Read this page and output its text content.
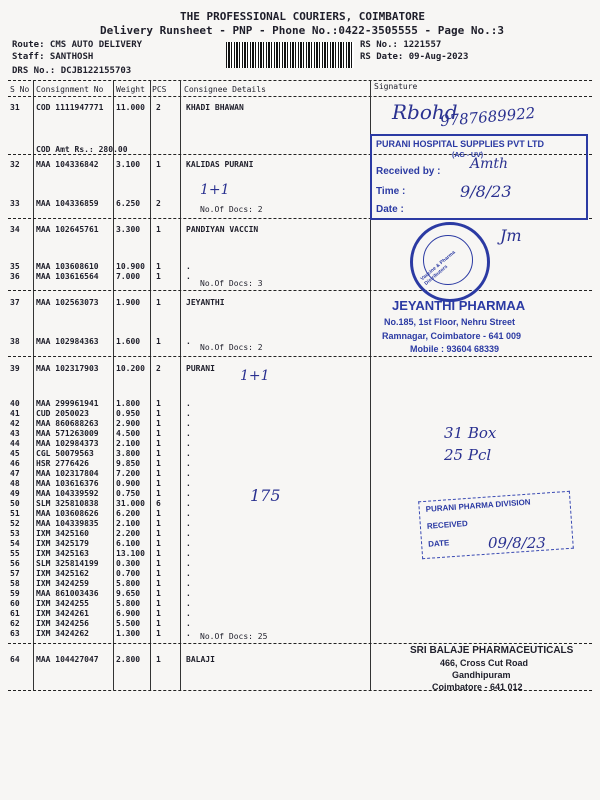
THE PROFESSIONAL COURIERS, COIMBATORE
Delivery Runsheet - PNP - Phone No.:0422-3505555 - Page No.:3
Route: CMS AUTO DELIVERY
Staff: SANTHOSH
DRS No.: DCJB122155703
RS No.: 1221557
RS Date: 09-Aug-2023
S No Consignment No Weight PCS Consignee Details	Signature
31 COD 1111947771 11.000 2	KHADI BHAWAN
COD Amt Rs.: 280.00
32 MAA 104336842 3.100 1	KALIDAS PURANI
33 MAA 104336859 6.250 2
34 MAA 102645761 3.300 1	PANDIYAN VACCIN
35 MAA 103608610 10.900 1	.
36 MAA 103616564 7.000 1	.
37 MAA 102563073 1.900 1	JEYANTHI
38 MAA 102984363 1.600 1	.
39 MAA 102317903 10.200 2	PURANI
40 MAA 299961941 1.800 1	.
41 CUD 2050023	0.950 1	.
42 MAA 860688263 2.900 1	.
43 MAA 571263009 4.500 1	.
44 MAA 102984373 2.100 1	.
45 CGL 50079563	3.800 1	.
46 HSR 2776426	9.850 1	.
47 MAA 102317804 7.200 1	.
48 MAA 103616376 0.900 1	.
49 MAA 104339592 0.750 1	.
50 SLM 325810838 31.000 6	.
51 MAA 103608626 6.200 1	.
52 MAA 104339835 2.100 1	.
53 IXM 3425160	2.200 1	.
54 IXM 3425179	6.100 1	.
55 IXM 3425163	13.100 1	.
56 SLM 325814199 0.300 1	.
57 IXM 3425162	0.700 1	.
58 IXM 3424259	5.800 1	.
59 MAA 861003436 9.650 1	.
60 IXM 3424255	5.800 1	.
61 IXM 3424261	6.900 1	.
62 IXM 3424256	5.500 1	.
63 IXM 3424262	1.300 1	.
64 MAA 104427047 2.800 1	BALAJI
No.Of Docs: 2
No.Of Docs: 3
No.Of Docs: 2
No.Of Docs: 25
PURANI HOSPITAL SUPPLIES PVT LTD
(AG - UV)
Received by :
Time :
Date :
Vaccine & Pharma Distributors
JEYANTHI PHARMAA
No.185, 1st Floor, Nehru Street
Ramnagar, Coimbatore - 641 009
Mobile : 93604 68339
PURANI PHARMA DIVISION
RECEIVED
DATE
SRI BALAJE PHARMACEUTICALS
466, Cross Cut Road
Gandhipuram
Coimbatore - 641 012
Rbohd
9787689922
Amth
9/8/23
1+1
1+1
175
31 Box
25 Pcl
09/8/23
Jm
